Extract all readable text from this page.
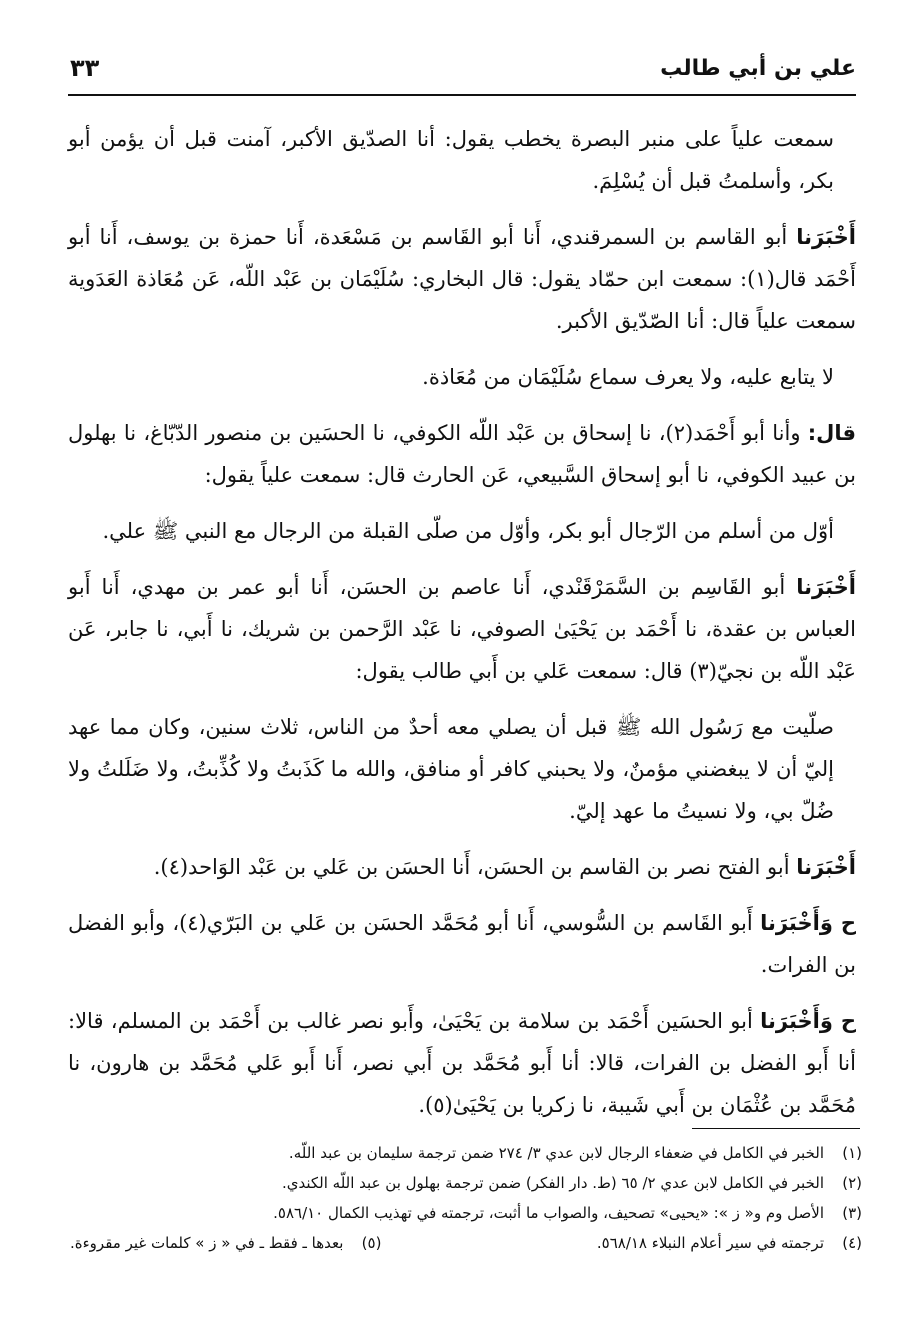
علي بن أبي طالب
٣٣

سمعت علياً على منبر البصرة يخطب يقول: أنا الصدّيق الأكبر، آمنت قبل أن يؤمن أبو بكر، وأسلمتُ قبل أن يُسْلِمَ.

أَخْبَرَنا أبو القاسم بن السمرقندي، أَنا أبو القَاسم بن مَسْعَدة، أَنا حمزة بن يوسف، أَنا أبو أَحْمَد قال(١): سمعت ابن حمّاد يقول: قال البخاري: سُلَيْمَان بن عَبْد اللّه، عَن مُعَاذة العَدَوية سمعت علياً قال: أنا الصّدّيق الأكبر.

لا يتابع عليه، ولا يعرف سماع سُلَيْمَان من مُعَاذة.

قال: وأنا أبو أَحْمَد(٢)، نا إسحاق بن عَبْد اللّه الكوفي، نا الحسَين بن منصور الدّبّاغ، نا بهلول بن عبيد الكوفي، نا أبو إسحاق السَّبيعي، عَن الحارث قال: سمعت علياً يقول:

أوّل من أسلم من الرّجال أبو بكر، وأوّل من صلّى القبلة من الرجال مع النبي ﷺ علي.

أَخْبَرَنا أبو القَاسِم بن السَّمَرْقَنْدي، أَنا عاصم بن الحسَن، أَنا أبو عمر بن مهدي، أَنا أَبو العباس بن عقدة، نا أَحْمَد بن يَحْيَىٰ الصوفي، نا عَبْد الرَّحمن بن شريك، نا أَبي، نا جابر، عَن عَبْد اللّه بن نجيّ(٣) قال: سمعت عَلي بن أَبي طالب يقول:

صلّيت مع رَسُول الله ﷺ قبل أن يصلي معه أحدٌ من الناس، ثلاث سنين، وكان مما عهد إليّ أن لا يبغضني مؤمنٌ، ولا يحبني كافر أو منافق، والله ما كَذَبتُ ولا كُذِّبتُ، ولا ضَلَلتُ ولا ضُلّ بي، ولا نسيتُ ما عهد إليّ.

أَخْبَرَنا أبو الفتح نصر بن القاسم بن الحسَن، أَنا الحسَن بن عَلي بن عَبْد الوَاحد(٤).

ح وَأَخْبَرَنا أَبو القَاسم بن السُّوسي، أَنا أبو مُحَمَّد الحسَن بن عَلي بن البَرّي(٤)، وأبو الفضل بن الفرات.

ح وَأَخْبَرَنا أبو الحسَين أَحْمَد بن سلامة بن يَحْيَىٰ، وأَبو نصر غالب بن أَحْمَد بن المسلم، قالا: أنا أَبو الفضل بن الفرات، قالا: أنا أَبو مُحَمَّد بن أَبي نصر، أَنا أَبو عَلي مُحَمَّد بن هارون، نا مُحَمَّد بن عُثْمَان بن أَبي شَيبة، نا زكريا بن يَحْيَىٰ(٥).

(١)الخبر في الكامل في ضعفاء الرجال لابن عدي ٣/ ٢٧٤ ضمن ترجمة سليمان بن عبد اللّه.
(٢)الخبر في الكامل لابن عدي ٢/ ٦٥ (ط. دار الفكر) ضمن ترجمة بهلول بن عبد اللّه الكندي.
(٣)الأصل وم و« ز »: «يحيى» تصحيف، والصواب ما أثبت، ترجمته في تهذيب الكمال ٥٨٦/١٠.
(٤)ترجمته في سير أعلام النبلاء ٥٦٨/١٨.
(٥)بعدها ـ فقط ـ في « ز » كلمات غير مقروءة.
